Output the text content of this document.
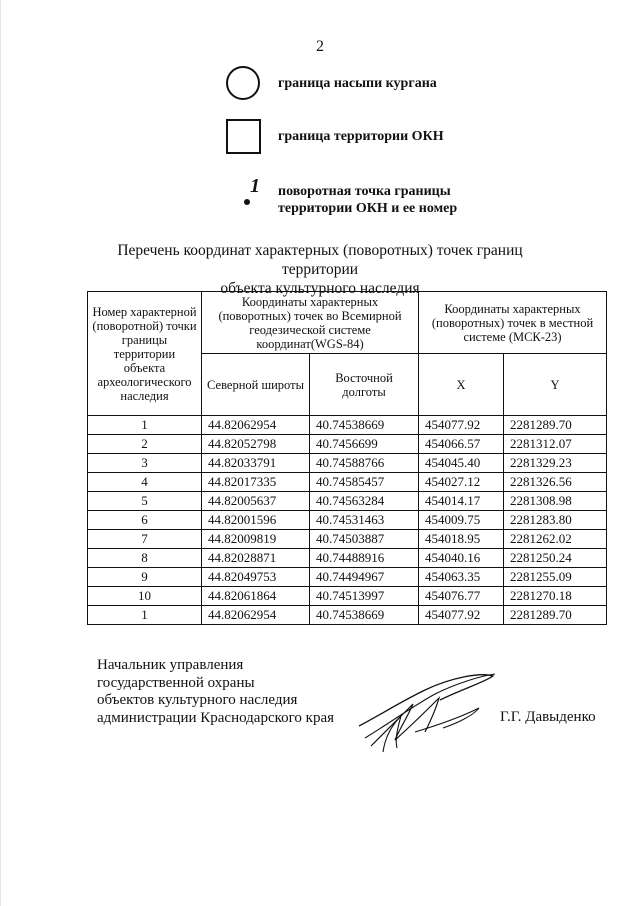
2
граница насыпи кургана
граница территории ОКН
1 поворотная точка границы
территории ОКН и ее номер
Перечень координат характерных (поворотных) точек границ территории
объекта культурного наследия
Номер характерной (поворотной) точки границы территории объекта археологического наследия	Координаты характерных (поворотных) точек во Всемирной геодезической системе координат(WGS-84)		Координаты характерных (поворотных) точек в местной системе (МСК-23)	
	Северной широты	Восточной долготы	X	Y
1	44.82062954	40.74538669	454077.92	2281289.70
2	44.82052798	40.7456699	454066.57	2281312.07
3	44.82033791	40.74588766	454045.40	2281329.23
4	44.82017335	40.74585457	454027.12	2281326.56
5	44.82005637	40.74563284	454014.17	2281308.98
6	44.82001596	40.74531463	454009.75	2281283.80
7	44.82009819	40.74503887	454018.95	2281262.02
8	44.82028871	40.74488916	454040.16	2281250.24
9	44.82049753	40.74494967	454063.35	2281255.09
10	44.82061864	40.74513997	454076.77	2281270.18
1	44.82062954	40.74538669	454077.92	2281289.70
Начальник управления
государственной охраны
объектов культурного наследия
администрации Краснодарского края	Г.Г. Давыденко
